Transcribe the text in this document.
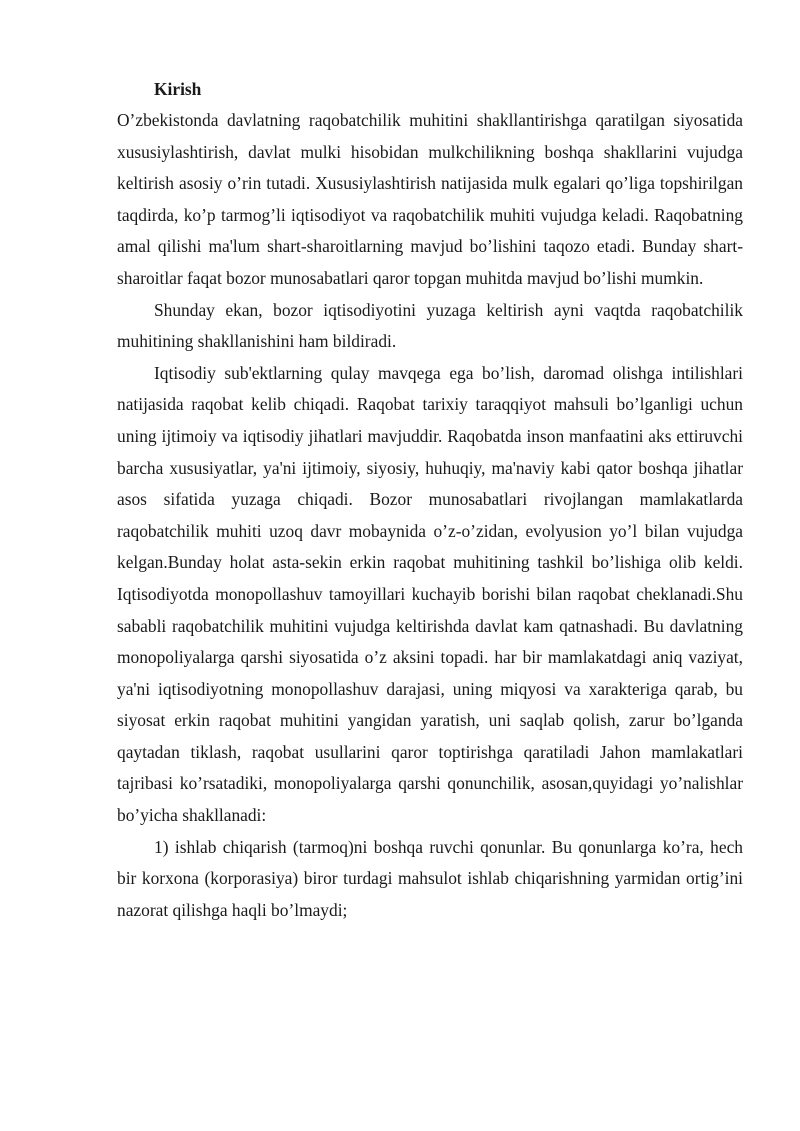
Kirish

O’zbekistonda davlatning raqobatchilik muhitini shakllantirishga qaratilgan siyosatida xususiylashtirish, davlat mulki hisobidan mulkchilikning boshqa shakllarini vujudga keltirish asosiy o’rin tutadi. Xususiylashtirish natijasida mulk egalari qo’liga topshirilgan taqdirda, ko’p tarmog’li iqtisodiyot va raqobatchilik muhiti vujudga keladi. Raqobatning amal qilishi ma'lum shart-sharoitlarning mavjud bo’lishini taqozo etadi. Bunday shart-sharoitlar faqat bozor munosabatlari qaror topgan muhitda mavjud bo’lishi mumkin.

Shunday ekan, bozor iqtisodiyotini yuzaga keltirish ayni vaqtda raqobatchilik muhitining shakllanishini ham bildiradi.

Iqtisodiy sub'ektlarning qulay mavqega ega bo’lish, daromad olishga intilishlari natijasida raqobat kelib chiqadi. Raqobat tarixiy taraqqiyot mahsuli bo’lganligi uchun uning ijtimoiy va iqtisodiy jihatlari mavjuddir. Raqobatda inson manfaatini aks ettiruvchi barcha xususiyatlar, ya'ni ijtimoiy, siyosiy, huhuqiy, ma'naviy kabi qator boshqa jihatlar asos sifatida yuzaga chiqadi. Bozor munosabatlari rivojlangan mamlakatlarda raqobatchilik muhiti uzoq davr mobaynida o’z-o’zidan, evolyusion yo’l bilan vujudga kelgan.Bunday holat asta-sekin erkin raqobat muhitining tashkil bo’lishiga olib keldi. Iqtisodiyotda monopollashuv tamoyillari kuchayib borishi bilan raqobat cheklanadi.Shu sababli raqobatchilik muhitini vujudga keltirishda davlat kam qatnashadi. Bu davlatning monopoliyalarga qarshi siyosatida o’z aksini topadi. har bir mamlakatdagi aniq vaziyat, ya'ni iqtisodiyotning monopollashuv darajasi, uning miqyosi va xarakteriga qarab, bu siyosat erkin raqobat muhitini yangidan yaratish, uni saqlab qolish, zarur bo’lganda qaytadan tiklash, raqobat usullarini qaror toptirishga qaratiladi Jahon mamlakatlari tajribasi ko’rsatadiki, monopoliyalarga qarshi qonunchilik, asosan,quyidagi yo’nalishlar bo’yicha shakllanadi:

1) ishlab chiqarish (tarmoq)ni boshqa ruvchi qonunlar. Bu qonunlarga ko’ra, hech bir korxona (korporasiya) biror turdagi mahsulot ishlab chiqarishning yarmidan ortig’ini nazorat qilishga haqli bo’lmaydi;
